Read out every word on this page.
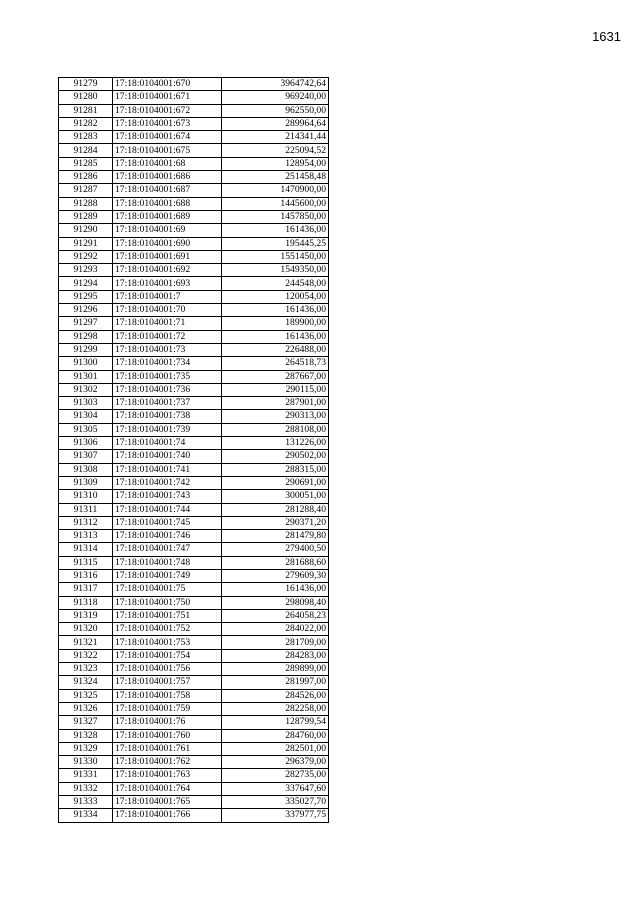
1631
91279	17:18:0104001:670	3964742,64
91280	17:18:0104001:671	969240,00
91281	17:18:0104001:672	962550,00
91282	17:18:0104001:673	289964,64
91283	17:18:0104001:674	214341,44
91284	17:18:0104001:675	225094,52
91285	17:18:0104001:68	128954,00
91286	17:18:0104001:686	251458,48
91287	17:18:0104001:687	1470900,00
91288	17:18:0104001:688	1445600,00
91289	17:18:0104001:689	1457850,00
91290	17:18:0104001:69	161436,00
91291	17:18:0104001:690	195445,25
91292	17:18:0104001:691	1551450,00
91293	17:18:0104001:692	1549350,00
91294	17:18:0104001:693	244548,00
91295	17:18:0104001:7	120054,00
91296	17:18:0104001:70	161436,00
91297	17:18:0104001:71	189900,00
91298	17:18:0104001:72	161436,00
91299	17:18:0104001:73	226488,00
91300	17:18:0104001:734	264518,73
91301	17:18:0104001:735	287667,00
91302	17:18:0104001:736	290115,00
91303	17:18:0104001:737	287901,00
91304	17:18:0104001:738	290313,00
91305	17:18:0104001:739	288108,00
91306	17:18:0104001:74	131226,00
91307	17:18:0104001:740	290502,00
91308	17:18:0104001:741	288315,00
91309	17:18:0104001:742	290691,00
91310	17:18:0104001:743	300051,00
91311	17:18:0104001:744	281288,40
91312	17:18:0104001:745	290371,20
91313	17:18:0104001:746	281479,80
91314	17:18:0104001:747	279400,50
91315	17:18:0104001:748	281688,60
91316	17:18:0104001:749	279609,30
91317	17:18:0104001:75	161436,00
91318	17:18:0104001:750	298098,40
91319	17:18:0104001:751	264058,23
91320	17:18:0104001:752	284022,00
91321	17:18:0104001:753	281709,00
91322	17:18:0104001:754	284283,00
91323	17:18:0104001:756	289899,00
91324	17:18:0104001:757	281997,00
91325	17:18:0104001:758	284526,00
91326	17:18:0104001:759	282258,00
91327	17:18:0104001:76	128799,54
91328	17:18:0104001:760	284760,00
91329	17:18:0104001:761	282501,00
91330	17:18:0104001:762	296379,00
91331	17:18:0104001:763	282735,00
91332	17:18:0104001:764	337647,60
91333	17:18:0104001:765	335027,70
91334	17:18:0104001:766	337977,75
